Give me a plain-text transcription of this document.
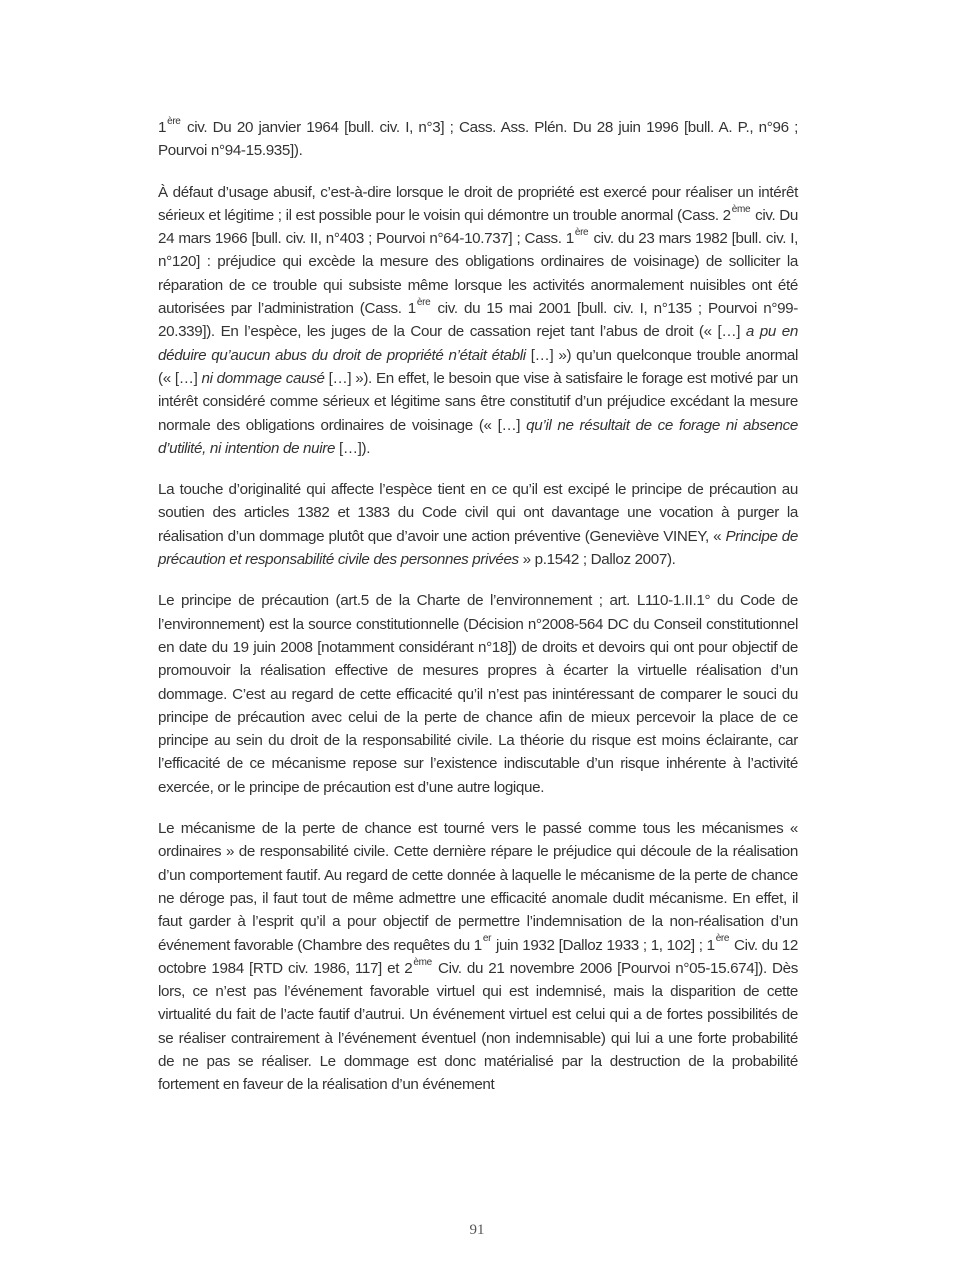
1ère civ. Du 20 janvier 1964 [bull. civ. I, n°3] ; Cass. Ass. Plén. Du 28 juin 1996 [bull. A. P., n°96 ; Pourvoi n°94-15.935]).

À défaut d’usage abusif, c’est-à-dire lorsque le droit de propriété est exercé pour réaliser un intérêt sérieux et légitime ; il est possible pour le voisin qui démontre un trouble anormal (Cass. 2ème civ. Du 24 mars 1966 [bull. civ. II, n°403 ; Pourvoi n°64-10.737] ; Cass. 1ère civ. du 23 mars 1982 [bull. civ. I, n°120] : préjudice qui excède la mesure des obligations ordinaires de voisinage) de solliciter la réparation de ce trouble qui subsiste même lorsque les activités anormalement nuisibles ont été autorisées par l’administration (Cass. 1ère civ. du 15 mai 2001 [bull. civ. I, n°135 ; Pourvoi n°99-20.339]). En l’espèce, les juges de la Cour de cassation rejet tant l’abus de droit (« […] a pu en déduire qu’aucun abus du droit de propriété n’était établi […] ») qu’un quelconque trouble anormal (« […] ni dommage causé […] »). En effet, le besoin que vise à satisfaire le forage est motivé par un intérêt considéré comme sérieux et légitime sans être constitutif d’un préjudice excédant la mesure normale des obligations ordinaires de voisinage (« […] qu’il ne résultait de ce forage ni absence d’utilité, ni intention de nuire […]).

La touche d’originalité qui affecte l’espèce tient en ce qu’il est excipé le principe de précaution au soutien des articles 1382 et 1383 du Code civil qui ont davantage une vocation à purger la réalisation d’un dommage plutôt que d’avoir une action préventive (Geneviève VINEY, « Principe de précaution et responsabilité civile des personnes privées » p.1542 ; Dalloz 2007).

Le principe de précaution (art.5 de la Charte de l’environnement ; art. L110-1.II.1° du Code de l’environnement) est la source constitutionnelle (Décision n°2008-564 DC du Conseil constitutionnel en date du 19 juin 2008 [notamment considérant n°18]) de droits et devoirs qui ont pour objectif de promouvoir la réalisation effective de mesures propres à écarter la virtuelle réalisation d’un dommage. C’est au regard de cette efficacité qu’il n’est pas inintéressant de comparer le souci du principe de précaution avec celui de la perte de chance afin de mieux percevoir la place de ce principe au sein du droit de la responsabilité civile. La théorie du risque est moins éclairante, car l’efficacité de ce mécanisme repose sur l’existence indiscutable d’un risque inhérente à l’activité exercée, or le principe de précaution est d’une autre logique.

Le mécanisme de la perte de chance est tourné vers le passé comme tous les mécanismes « ordinaires » de responsabilité civile. Cette dernière répare le préjudice qui découle de la réalisation d’un comportement fautif. Au regard de cette donnée à laquelle le mécanisme de la perte de chance ne déroge pas, il faut tout de même admettre une efficacité anomale dudit mécanisme. En effet, il faut garder à l’esprit qu’il a pour objectif de permettre l’indemnisation de la non-réalisation d’un événement favorable (Chambre des requêtes du 1er juin 1932 [Dalloz 1933 ; 1, 102] ; 1ère Civ. du 12 octobre 1984 [RTD civ. 1986, 117] et 2ème Civ. du 21 novembre 2006 [Pourvoi n°05-15.674]). Dès lors, ce n’est pas l’événement favorable virtuel qui est indemnisé, mais la disparition de cette virtualité du fait de l’acte fautif d’autrui. Un événement virtuel est celui qui a de fortes possibilités de se réaliser contrairement à l’événement éventuel (non indemnisable) qui lui a une forte probabilité de ne pas se réaliser. Le dommage est donc matérialisé par la destruction de la probabilité fortement en faveur de la réalisation d’un événement

91
